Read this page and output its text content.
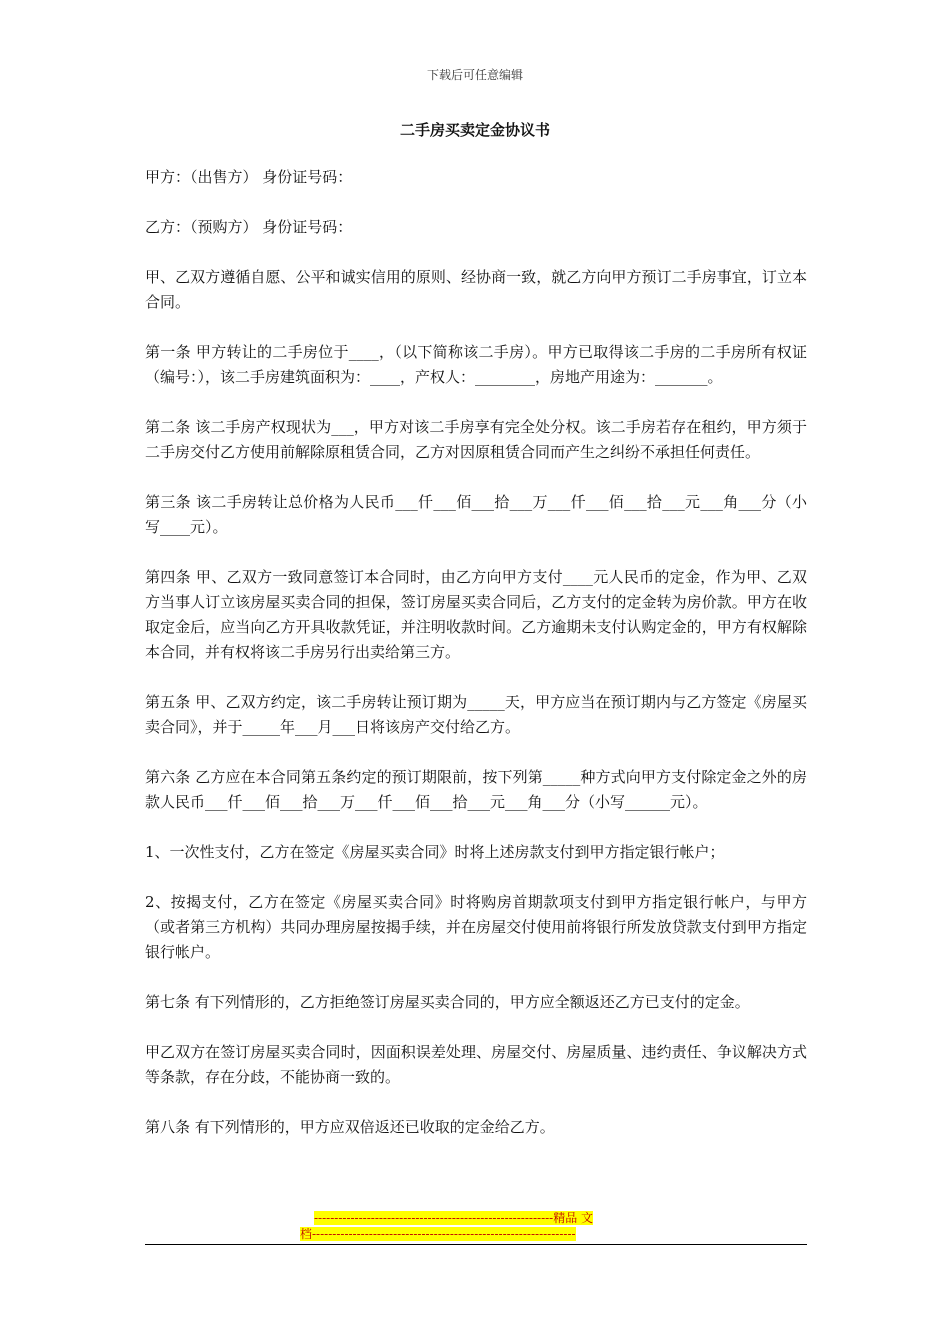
下载后可任意编辑
二手房买卖定金协议书

甲方：（出售方） 身份证号码：

乙方：（预购方） 身份证号码：

甲、乙双方遵循自愿、公平和诚实信用的原则、经协商一致，就乙方向甲方预订二手房事宜，订立本合同。

第一条 甲方转让的二手房位于____，（以下简称该二手房）。甲方已取得该二手房的二手房所有权证（编号：），该二手房建筑面积为：____，产权人：________，房地产用途为：_______。

第二条 该二手房产权现状为___，甲方对该二手房享有完全处分权。该二手房若存在租约，甲方须于二手房交付乙方使用前解除原租赁合同，乙方对因原租赁合同而产生之纠纷不承担任何责任。

第三条 该二手房转让总价格为人民币___仟___佰___拾___万___仟___佰___拾___元___角___分（小写____元）。

第四条 甲、乙双方一致同意签订本合同时，由乙方向甲方支付____元人民币的定金，作为甲、乙双方当事人订立该房屋买卖合同的担保，签订房屋买卖合同后，乙方支付的定金转为房价款。甲方在收取定金后，应当向乙方开具收款凭证，并注明收款时间。乙方逾期未支付认购定金的，甲方有权解除本合同，并有权将该二手房另行出卖给第三方。

第五条 甲、乙双方约定，该二手房转让预订期为_____天，甲方应当在预订期内与乙方签定《房屋买卖合同》，并于_____年___月___日将该房产交付给乙方。

第六条 乙方应在本合同第五条约定的预订期限前，按下列第_____种方式向甲方支付除定金之外的房款人民币___仟___佰___拾___万___仟___佰___拾___元___角___分（小写______元）。

1、一次性支付，乙方在签定《房屋买卖合同》时将上述房款支付到甲方指定银行帐户；

2、按揭支付，乙方在签定《房屋买卖合同》时将购房首期款项支付到甲方指定银行帐户，与甲方（或者第三方机构）共同办理房屋按揭手续，并在房屋交付使用前将银行所发放贷款支付到甲方指定银行帐户。

第七条 有下列情形的，乙方拒绝签订房屋买卖合同的，甲方应全额返还乙方已支付的定金。

甲乙双方在签订房屋买卖合同时，因面积误差处理、房屋交付、房屋质量、违约责任、争议解决方式等条款，存在分歧，不能协商一致的。

第八条 有下列情形的，甲方应双倍返还已收取的定金给乙方。

-----------------------------------------------------------精品 文
档-----------------------------------------------------------------
